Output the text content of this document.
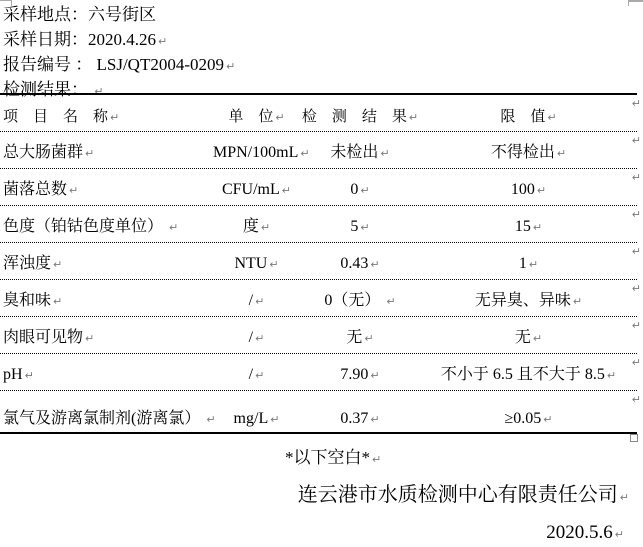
采样地点：六号街区
采样日期：2020.4.26 ↵
报告编号 ： LSJ/QT2004-0209 ↵
检测结果： ↵
项　目　名　称 ↵	单　位 ↵	检　测　结　果 ↵	限　值 ↵
↵
总大肠菌群 ↵	MPN/100mL ↵	未检出 ↵	不得检出 ↵
↵
菌落总数 ↵	CFU/mL ↵	0 ↵	100 ↵
↵
色度（铂钴色度单位） ↵	度 ↵	5 ↵	15 ↵
↵
浑浊度 ↵	NTU ↵	0.43 ↵	1 ↵
↵
臭和味 ↵	/ ↵	0（无） ↵	无异臭、异味 ↵
↵
肉眼可见物 ↵	/ ↵	无 ↵	无 ↵
↵
pH ↵	/ ↵	7.90 ↵	不小于 6.5 且不大于 8.5 ↵
↵
氯气及游离氯制剂(游离氯） ↵	mg/L ↵	0.37 ↵	≥0.05 ↵
↵
*以下空白* ↵
连云港市水质检测中心有限责任公司 ↵
2020.5.6 ↵
